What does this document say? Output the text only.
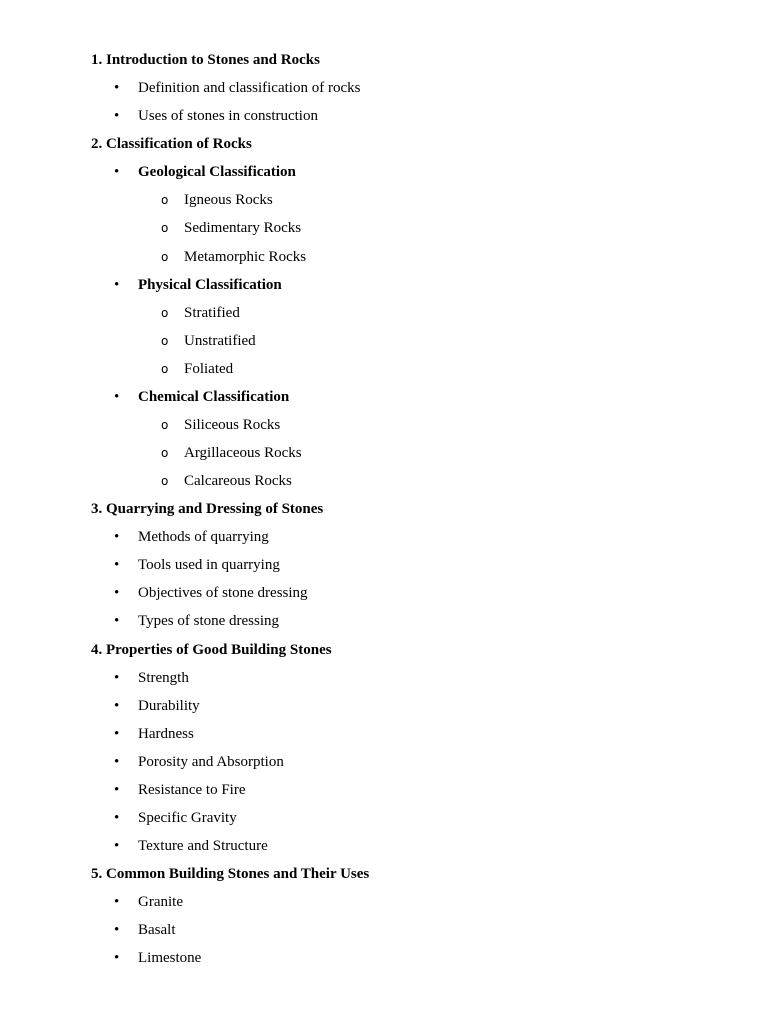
1. Introduction to Stones and Rocks
•	Definition and classification of rocks
•	Uses of stones in construction
2. Classification of Rocks
•	Geological Classification
o Igneous Rocks
o Sedimentary Rocks
o Metamorphic Rocks
•	Physical Classification
o Stratified
o Unstratified
o Foliated
•	Chemical Classification
o Siliceous Rocks
o Argillaceous Rocks
o Calcareous Rocks
3. Quarrying and Dressing of Stones
•	Methods of quarrying
•	Tools used in quarrying
•	Objectives of stone dressing
•	Types of stone dressing
4. Properties of Good Building Stones
•	Strength
•	Durability
•	Hardness
•	Porosity and Absorption
•	Resistance to Fire
•	Specific Gravity
•	Texture and Structure
5. Common Building Stones and Their Uses
•	Granite
•	Basalt
•	Limestone
